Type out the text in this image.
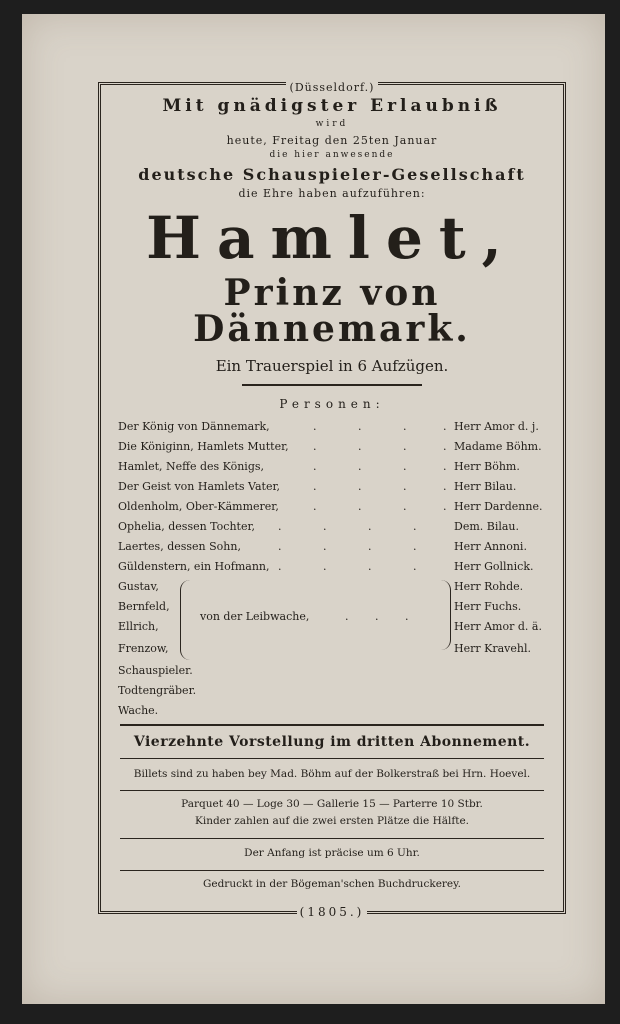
(Düsseldorf.)
(1805.)

Mit gnädigster Erlaubniß

wird

heute, Freitag den 25ten Januar

die hier anwesende

deutsche Schauspieler-Gesellschaft

die Ehre haben aufzuführen:

Hamlet,

Prinz von Dännemark.

Ein Trauerspiel in 6 Aufzügen.

Personen:

Der König von Dännemark,	.	.	.	. Herr Amor d. j.
Die Königinn, Hamlets Mutter, .	.	.	. Madame Böhm.
Hamlet, Neffe des Königs,	.	.	.	. Herr Böhm.
Der Geist von Hamlets Vater,	.	.	.	. Herr Bilau.
Oldenholm, Ober-Kämmerer,	.	.	.	. Herr Dardenne.
Ophelia, dessen Tochter, .	.	.	.	Dem. Bilau.
Laertes, dessen Sohn,	.	.	.	.	Herr Annoni.
Güldenstern, ein Hofmann, .	.	.	.	Herr Gollnick.
Gustav,	Herr Rohde.
Bernfeld,	Herr Fuchs.
Ellrich,	Herr Amor d. ä.
Frenzow,	Herr Kravehl.
von der Leibwache,	. . .
Schauspieler.
Todtengräber.
Wache.
Vierzehnte Vorstellung im dritten Abonnement.
Billets sind zu haben bey Mad. Böhm auf der Bolkerstraß bei Hrn. Hoevel.
Parquet 40 — Loge 30 — Gallerie 15 — Parterre 10 Stbr.
Kinder zahlen auf die zwei ersten Plätze die Hälfte.
Der Anfang ist präcise um 6 Uhr.
Gedruckt in der Bögeman'schen Buchdruckerey.
